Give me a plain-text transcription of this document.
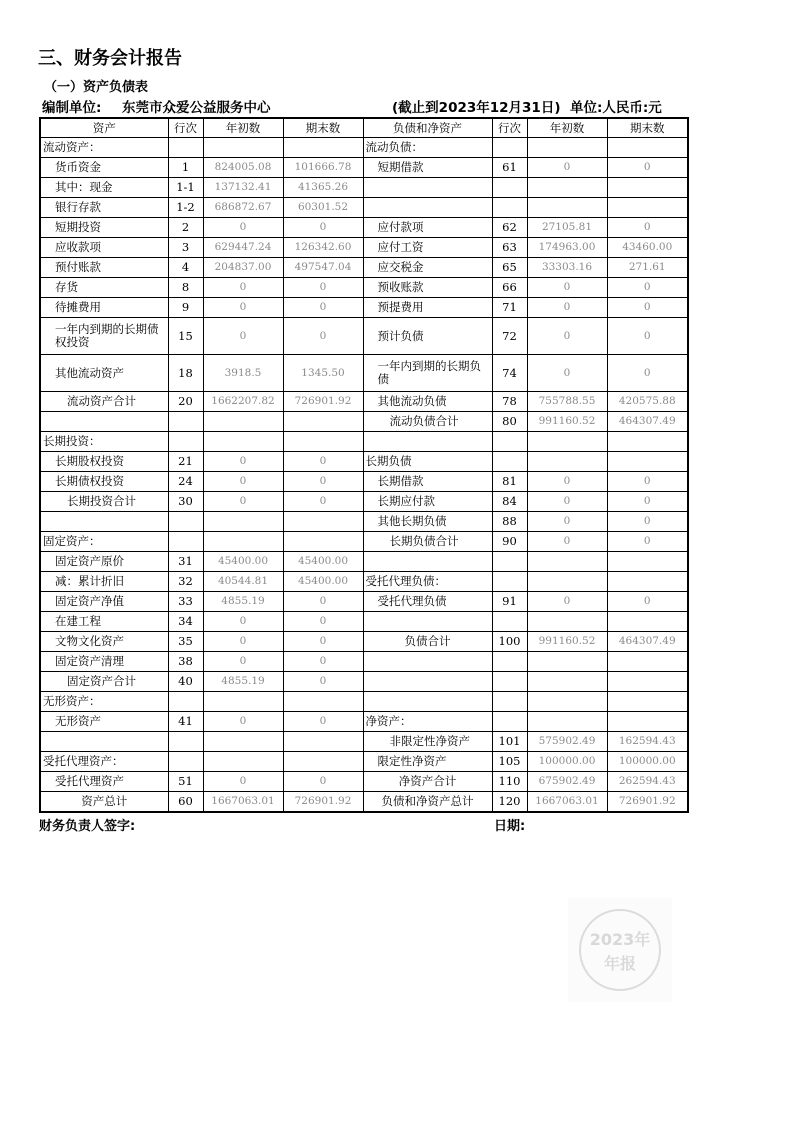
三、财务会计报告
（一）资产负债表
编制单位: 东莞市众爱公益服务中心	(截止到2023年12月31日) 单位:人民币:元
资产	行次	年初数	期末数	负债和净资产	行次	年初数	期末数
流动资产：				流动负债：			
货币资金	1	824005.08	101666.78	短期借款	61	0	0
其中：现金	1-1	137132.41	41365.26				
银行存款	1-2	686872.67	60301.52				
短期投资	2	0	0	应付款项	62	27105.81	0
应收款项	3	629447.24	126342.60	应付工资	63	174963.00	43460.00
预付账款	4	204837.00	497547.04	应交税金	65	33303.16	271.61
存货	8	0	0	预收账款	66	0	0
待摊费用	9	0	0	预提费用	71	0	0
一年内到期的长期债权投资	15	0	0	预计负债	72	0	0
其他流动资产	18	3918.5	1345.50	一年内到期的长期负债	74	0	0
流动资产合计	20	1662207.82	726901.92	其他流动负债	78	755788.55	420575.88
				流动负债合计	80	991160.52	464307.49
长期投资：							
长期股权投资	21	0	0	长期负债			
长期债权投资	24	0	0	长期借款	81	0	0
长期投资合计	30	0	0	长期应付款	84	0	0
				其他长期负债	88	0	0
固定资产：				长期负债合计	90	0	0
固定资产原价	31	45400.00	45400.00				
减：累计折旧	32	40544.81	45400.00	受托代理负债：			
固定资产净值	33	4855.19	0	受托代理负债	91	0	0
在建工程	34	0	0				
文物文化资产	35	0	0	负债合计	100	991160.52	464307.49
固定资产清理	38	0	0				
固定资产合计	40	4855.19	0				
无形资产：							
无形资产	41	0	0	净资产：			
				非限定性净资产	101	575902.49	162594.43
受托代理资产：				限定性净资产	105	100000.00	100000.00
受托代理资产	51	0	0	净资产合计	110	675902.49	262594.43
资产总计	60	1667063.01	726901.92	负债和净资产总计	120	1667063.01	726901.92
财务负责人签字:	日期:
2023年
年报
